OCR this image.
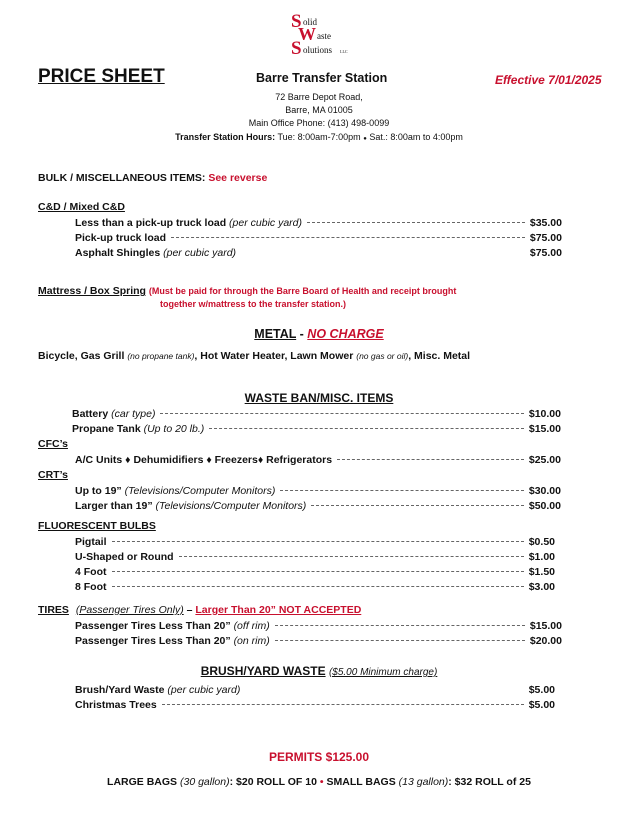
S olid
W aste
S olutions LLC
PRICE SHEET	Barre Transfer Station	Effective 7/01/2025
72 Barre Depot Road,
Barre, MA 01005
Main Office Phone: (413) 498-0099
Transfer Station Hours: Tue: 8:00am-7:00pm ● Sat.: 8:00am to 4:00pm
BULK / MISCELLANEOUS ITEMS: See reverse
C&D / Mixed C&D
Less than a pick-up truck load (per cubic yard)	$35.00
Pick-up truck load	$75.00
Asphalt Shingles (per cubic yard)	$75.00
Mattress / Box Spring (Must be paid for through the Barre Board of Health and receipt brought
together w/mattress to the transfer station.)
METAL - NO CHARGE
Bicycle, Gas Grill (no propane tank), Hot Water Heater, Lawn Mower (no gas or oil), Misc. Metal
WASTE BAN/MISC. ITEMS
Battery (car type)	$10.00
Propane Tank (Up to 20 lb.)	$15.00
CFC’s
A/C Units ♦ Dehumidifiers ♦ Freezers♦ Refrigerators	$25.00
CRT’s
Up to 19” (Televisions/Computer Monitors)	$30.00
Larger than 19” (Televisions/Computer Monitors)	$50.00
FLUORESCENT BULBS
Pigtail	$0.50
U-Shaped or Round	$1.00
4 Foot	$1.50
8 Foot	$3.00
TIRES (Passenger Tires Only) – Larger Than 20” NOT ACCEPTED
Passenger Tires Less Than 20” (off rim)	$15.00
Passenger Tires Less Than 20” (on rim)	$20.00
BRUSH/YARD WASTE ($5.00 Minimum charge)
Brush/Yard Waste (per cubic yard)	$5.00
Christmas Trees	$5.00
PERMITS $125.00
LARGE BAGS (30 gallon): $20 ROLL OF 10 • SMALL BAGS (13 gallon): $32 ROLL of 25
